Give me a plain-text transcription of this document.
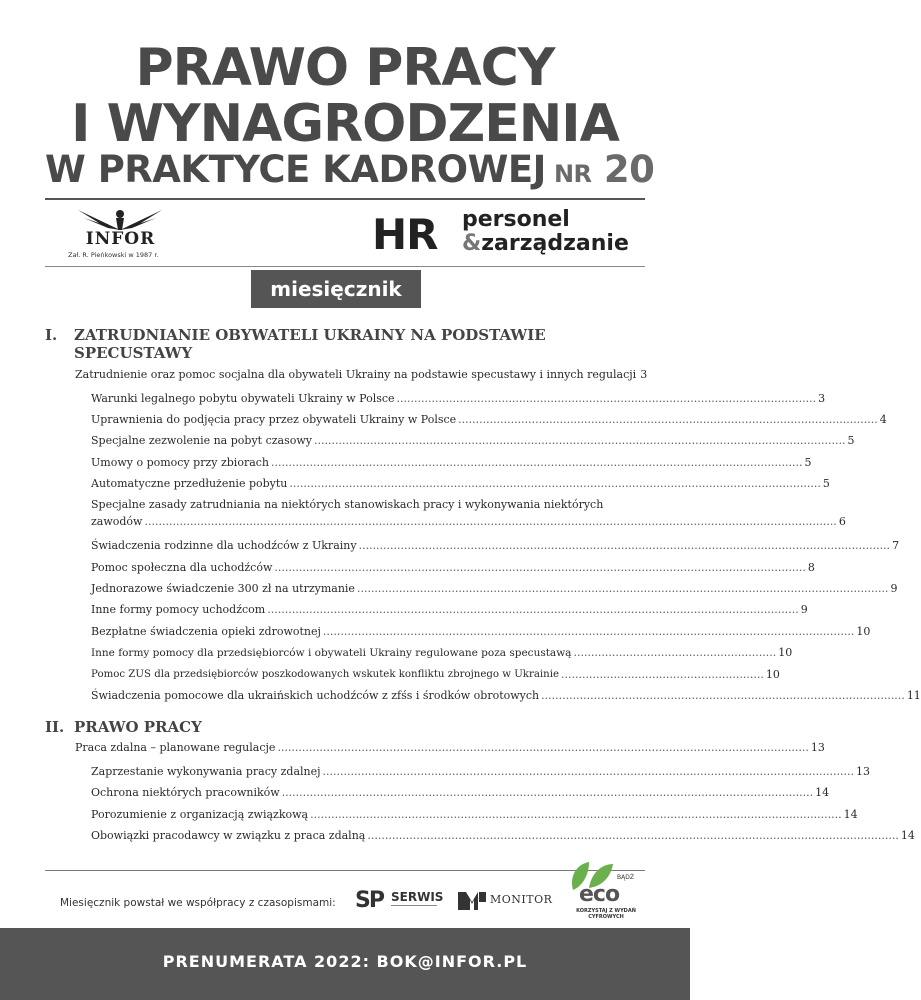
PRAWO PRACY
I WYNAGRODZENIA
W PRAKTYCE KADROWEJ NR 20
INFOR
Zał. R. Pieńkowski w 1987 r.	HR personel
&zarządzanie
miesięcznik
I. ZATRUDNIANIE OBYWATELI UKRAINY NA PODSTAWIE SPECUSTAWY
Zatrudnienie oraz pomoc socjalna dla obywateli Ukrainy na podstawie specustawy i innych regulacji 3
Warunki legalnego pobytu obywateli Ukrainy w Polsce ........................................................................................................................ 3
Uprawnienia do podjęcia pracy przez obywateli Ukrainy w Polsce ........................................................................................................................ 4
Specjalne zezwolenie na pobyt czasowy ........................................................................................................................................................ 5
Umowy o pomocy przy zbiorach ........................................................................................................................................................ 5
Automatyczne przedłużenie pobytu ........................................................................................................................................................ 5
Specjalne zasady zatrudniania na niektórych stanowiskach pracy i wykonywania niektórych
zawodów ...................................................................................................................................................................................................... 6
Świadczenia rodzinne dla uchodźców z Ukrainy ........................................................................................................................................................ 7
Pomoc społeczna dla uchodźców ........................................................................................................................................................ 8
Jednorazowe świadczenie 300 zł na utrzymanie ........................................................................................................................................................ 9
Inne formy pomocy uchodźcom ........................................................................................................................................................ 9
Bezpłatne świadczenia opieki zdrowotnej ........................................................................................................................................................ 10
Inne formy pomocy dla przedsiębiorców i obywateli Ukrainy regulowane poza specustawą .......................................................... 10
Pomoc ZUS dla przedsiębiorców poszkodowanych wskutek konfliktu zbrojnego w Ukrainie .......................................................... 10
Świadczenia pomocowe dla ukraińskich uchodźców z zfśs i środków obrotowych ........................................................................................................ 11
II. PRAWO PRACY
Praca zdalna – planowane regulacje ........................................................................................................................................................ 13
Zaprzestanie wykonywania pracy zdalnej ........................................................................................................................................................ 13
Ochrona niektórych pracowników ........................................................................................................................................................ 14
Porozumienie z organizacją związkową ........................................................................................................................................................ 14
Obowiązki pracodawcy w związku z praca zdalną ........................................................................................................................................................ 14
Miesięcznik powstał we współpracy z czasopismami: SP SERWIS	MONITOR
BĄDŹ
eco
KORZYSTAJ Z WYDAŃ CYFROWYCH
PRENUMERATA 2022: BOK@INFOR.PL
